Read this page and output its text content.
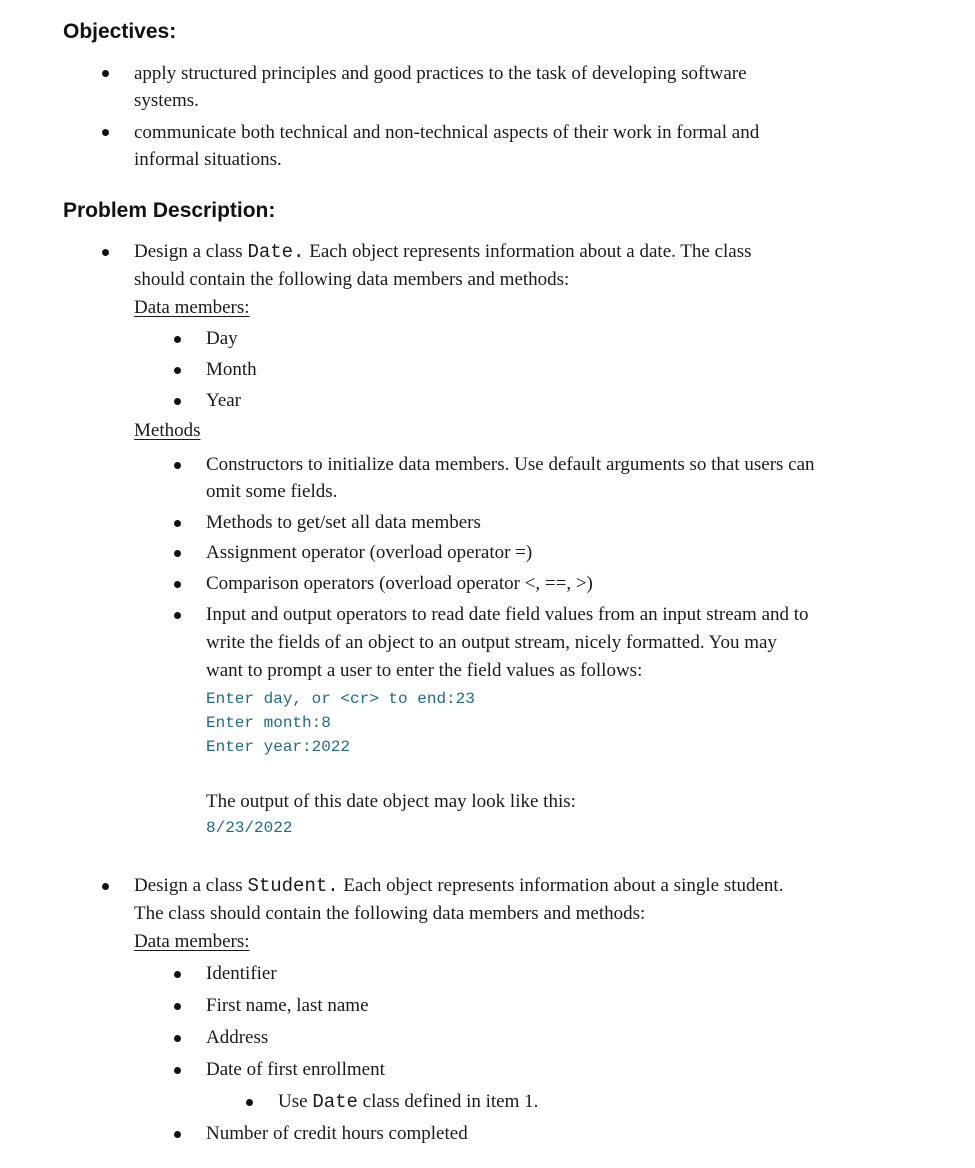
Objectives:

apply structured principles and good practices to the task of developing software

systems.

communicate both technical and non-technical aspects of their work in formal and

informal situations.

Problem Description:

Design a class Date. Each object represents information about a date. The class

should contain the following data members and methods:

Data members:

Day

Month

Year

Methods

Constructors to initialize data members. Use default arguments so that users can

omit some fields.

Methods to get/set all data members

Assignment operator (overload operator =)

Comparison operators (overload operator <, ==, >)

Input and output operators to read date field values from an input stream and to

write the fields of an object to an output stream, nicely formatted. You may

want to prompt a user to enter the field values as follows:

Enter day, or <cr> to end:23

Enter month:8

Enter year:2022

The output of this date object may look like this:

8/23/2022

Design a class Student. Each object represents information about a single student.

The class should contain the following data members and methods:

Data members:

Identifier

First name, last name

Address

Date of first enrollment

Use Date class defined in item 1.

Number of credit hours completed
